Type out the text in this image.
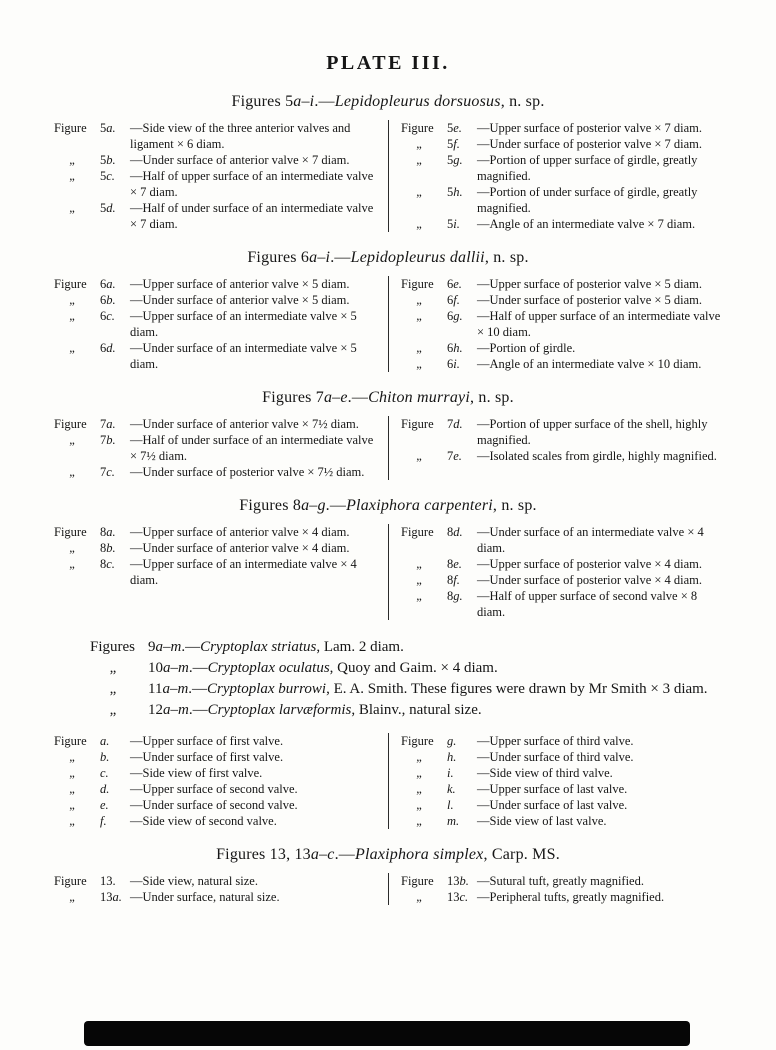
PLATE III.
Figures 5a–i.—Lepidopleurus dorsuosus, n. sp.
Figure	5a.	—Side view of the three anterior valves and ligament × 6 diam.
„	5b.	—Under surface of anterior valve × 7 diam.
„	5c.	—Half of upper surface of an intermediate valve × 7 diam.
„	5d.	—Half of under surface of an intermediate valve × 7 diam.
Figure	5e.	—Upper surface of posterior valve × 7 diam.
„	5f.	—Under surface of posterior valve × 7 diam.
„	5g.	—Portion of upper surface of girdle, greatly magnified.
„	5h.	—Portion of under surface of girdle, greatly magnified.
„	5i.	—Angle of an intermediate valve × 7 diam.
Figures 6a–i.—Lepidopleurus dallii, n. sp.
Figure	6a.	—Upper surface of anterior valve × 5 diam.
„	6b.	—Under surface of anterior valve × 5 diam.
„	6c.	—Upper surface of an intermediate valve × 5 diam.
„	6d.	—Under surface of an intermediate valve × 5 diam.
Figure	6e.	—Upper surface of posterior valve × 5 diam.
„	6f.	—Under surface of posterior valve × 5 diam.
„	6g.	—Half of upper surface of an intermediate valve × 10 diam.
„	6h.	—Portion of girdle.
„	6i.	—Angle of an intermediate valve × 10 diam.
Figures 7a–e.—Chiton murrayi, n. sp.
Figure	7a.	—Under surface of anterior valve × 7½ diam.
„	7b.	—Half of under surface of an intermediate valve × 7½ diam.
„	7c.	—Under surface of posterior valve × 7½ diam.
Figure	7d.	—Portion of upper surface of the shell, highly magnified.
„	7e.	—Isolated scales from girdle, highly magnified.
Figures 8a–g.—Plaxiphora carpenteri, n. sp.
Figure	8a.	—Upper surface of anterior valve × 4 diam.
„	8b.	—Under surface of anterior valve × 4 diam.
„	8c.	—Upper surface of an intermediate valve × 4 diam.
Figure	8d.	—Under surface of an intermediate valve × 4 diam.
„	8e.	—Upper surface of posterior valve × 4 diam.
„	8f.	—Under surface of posterior valve × 4 diam.
„	8g.	—Half of upper surface of second valve × 8 diam.
Figures 9 a–m .— Cryptoplax striatus , Lam. 2 diam.
„	10 a–m .— Cryptoplax oculatus , Quoy and Gaim. × 4 diam.
„	11 a–m .— Cryptoplax burrowi , E. A. Smith. These figures were drawn by Mr Smith × 3 diam.
„	12 a–m .— Cryptoplax larvæformis , Blainv., natural size.
Figure	a.	—Upper surface of first valve.
„	b.	—Under surface of first valve.
„	c.	—Side view of first valve.
„	d.	—Upper surface of second valve.
„	e.	—Under surface of second valve.
„	f.	—Side view of second valve.
Figure	g.	—Upper surface of third valve.
„	h.	—Under surface of third valve.
„	i.	—Side view of third valve.
„	k.	—Upper surface of last valve.
„	l.	—Under surface of last valve.
„	m.	—Side view of last valve.
Figures 13, 13a–c.—Plaxiphora simplex, Carp. MS.
Figure	13.	—Side view, natural size.
„	13a. —Under surface, natural size.
Figure	13b. —Sutural tuft, greatly magnified.
„	13c. —Peripheral tufts, greatly magnified.
